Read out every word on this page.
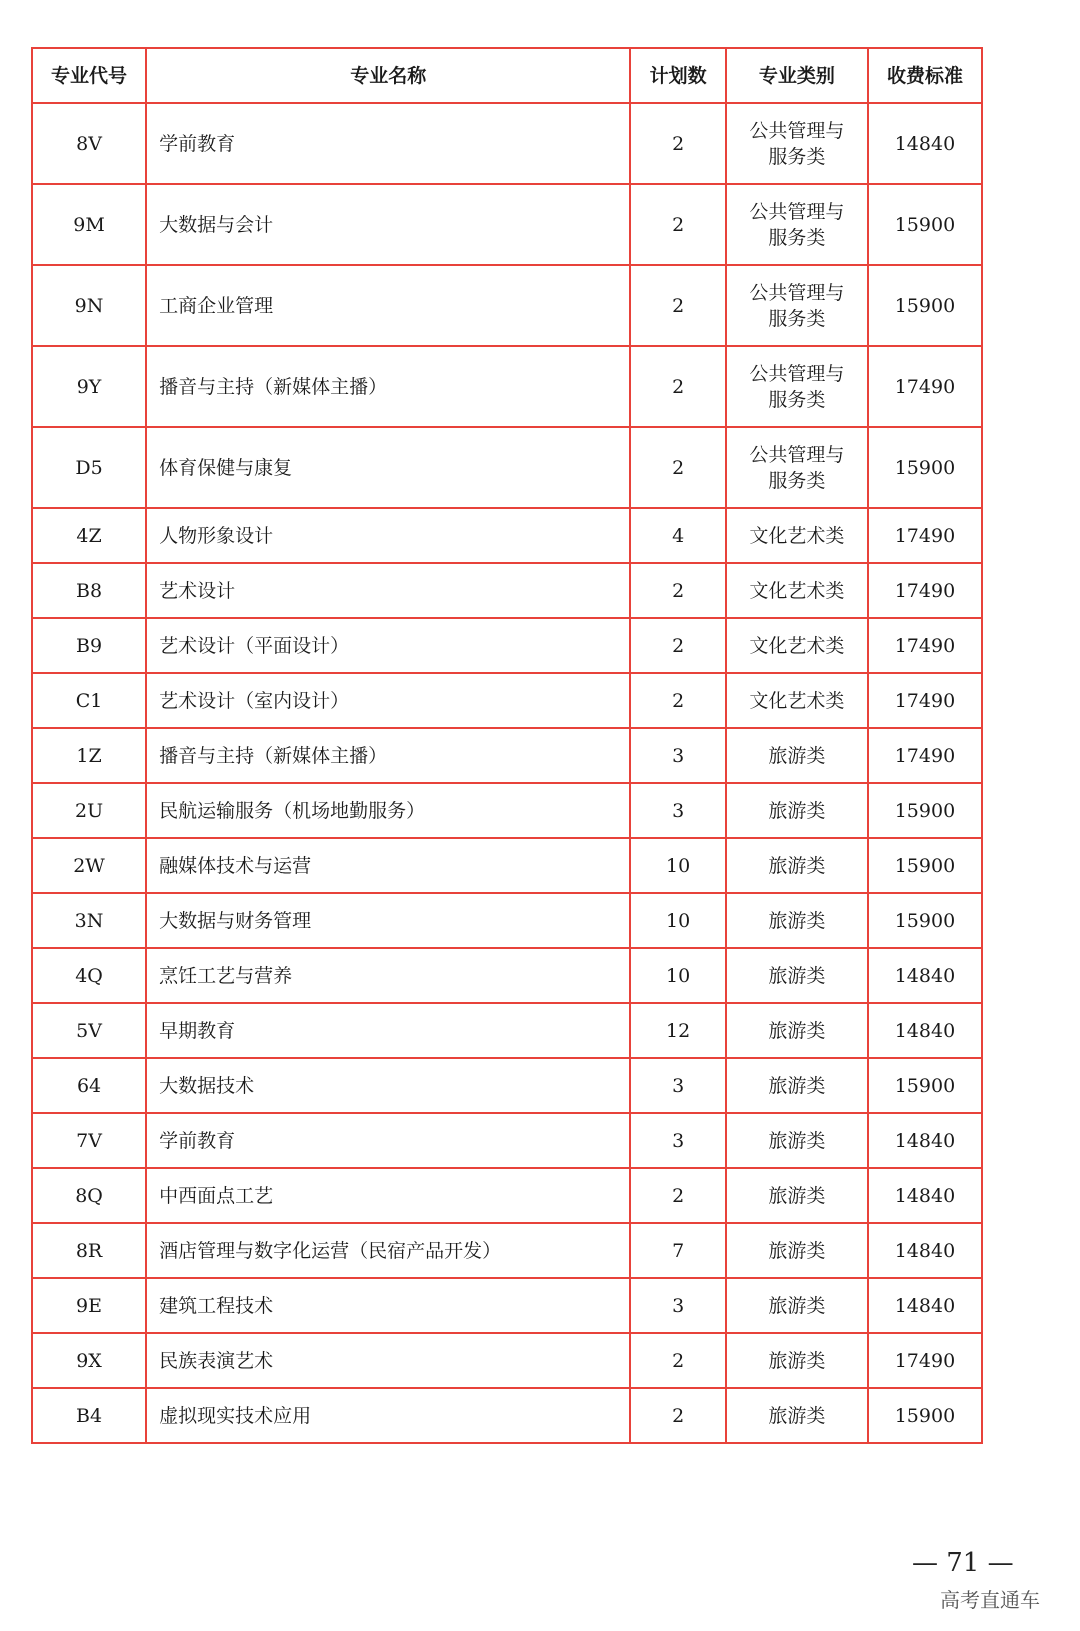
专业代号	专业名称	计划数	专业类别	收费标准
8V	学前教育	2	公共管理与服务类	14840
9M	大数据与会计	2	公共管理与服务类	15900
9N	工商企业管理	2	公共管理与服务类	15900
9Y	播音与主持（新媒体主播）	2	公共管理与服务类	17490
D5	体育保健与康复	2	公共管理与服务类	15900
4Z	人物形象设计	4	文化艺术类	17490
B8	艺术设计	2	文化艺术类	17490
B9	艺术设计（平面设计）	2	文化艺术类	17490
C1	艺术设计（室内设计）	2	文化艺术类	17490
1Z	播音与主持（新媒体主播）	3	旅游类	17490
2U	民航运输服务（机场地勤服务）	3	旅游类	15900
2W	融媒体技术与运营	10	旅游类	15900
3N	大数据与财务管理	10	旅游类	15900
4Q	烹饪工艺与营养	10	旅游类	14840
5V	早期教育	12	旅游类	14840
64	大数据技术	3	旅游类	15900
7V	学前教育	3	旅游类	14840
8Q	中西面点工艺	2	旅游类	14840
8R	酒店管理与数字化运营（民宿产品开发）	7	旅游类	14840
9E	建筑工程技术	3	旅游类	14840
9X	民族表演艺术	2	旅游类	17490
B4	虚拟现实技术应用	2	旅游类	15900
— 71 —
高考直通车
